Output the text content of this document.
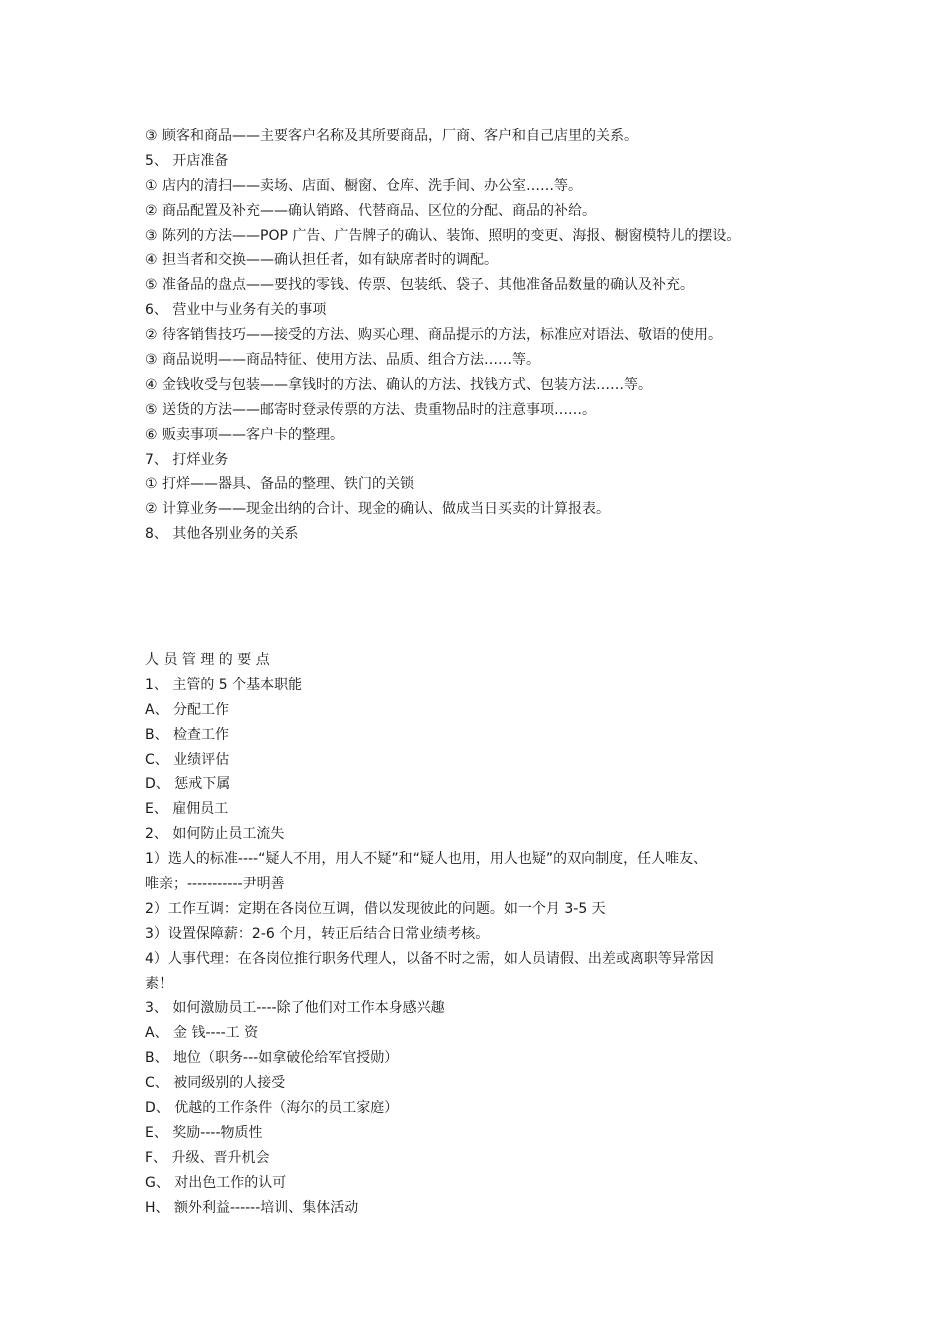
③ 顾客和商品——主要客户名称及其所要商品，厂商、客户和自己店里的关系。
5、 开店准备
① 店内的清扫——卖场、店面、橱窗、仓库、洗手间、办公室……等。
② 商品配置及补充——确认销路、代替商品、区位的分配、商品的补给。
③ 陈列的方法——POP 广告、广告牌子的确认、装饰、照明的变更、海报、橱窗模特儿的摆设。
④ 担当者和交换——确认担任者，如有缺席者时的调配。
⑤ 准备品的盘点——要找的零钱、传票、包装纸、袋子、其他准备品数量的确认及补充。
6、 营业中与业务有关的事项
② 待客销售技巧——接受的方法、购买心理、商品提示的方法，标准应对语法、敬语的使用。
③ 商品说明——商品特征、使用方法、品质、组合方法……等。
④ 金钱收受与包装——拿钱时的方法、确认的方法、找钱方式、包装方法……等。
⑤ 送货的方法——邮寄时登录传票的方法、贵重物品时的注意事项……。
⑥ 贩卖事项——客户卡的整理。
7、 打烊业务
① 打烊——器具、备品的整理、铁门的关锁
② 计算业务——现金出纳的合计、现金的确认、做成当日买卖的计算报表。
8、 其他各别业务的关系
人 员 管 理 的 要 点
1、 主管的 5 个基本职能
A、 分配工作
B、 检查工作
C、 业绩评估
D、 惩戒下属
E、 雇佣员工
2、 如何防止员工流失
1）选人的标准----“疑人不用，用人不疑”和“疑人也用，用人也疑”的双向制度，任人唯友、
唯亲；-----------尹明善
2）工作互调：定期在各岗位互调，借以发现彼此的问题。如一个月 3-5 天
3）设置保障薪：2-6 个月，转正后结合日常业绩考核。
4）人事代理：在各岗位推行职务代理人，以备不时之需，如人员请假、出差或离职等异常因
素！
3、 如何激励员工----除了他们对工作本身感兴趣
A、 金 钱----工 资
B、 地位（职务---如拿破伦给军官授勋）
C、 被同级别的人接受
D、 优越的工作条件（海尔的员工家庭）
E、 奖励----物质性
F、 升级、晋升机会
G、 对出色工作的认可
H、 额外利益------培训、集体活动
